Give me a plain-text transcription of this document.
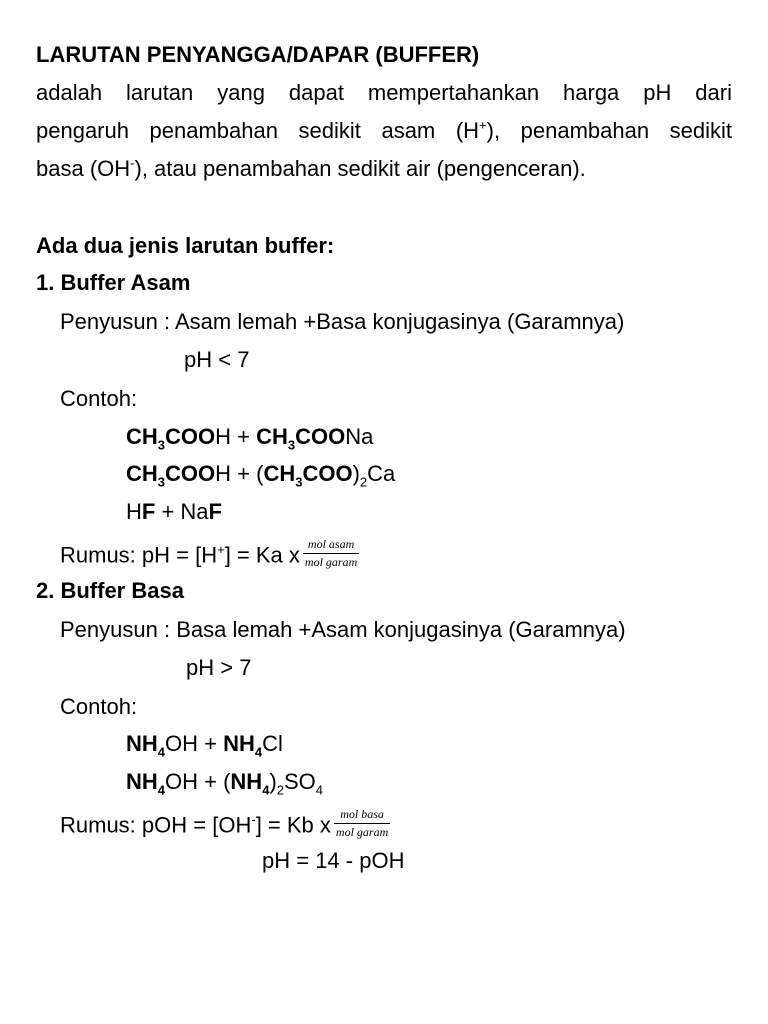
LARUTAN PENYANGGA/DAPAR (BUFFER)
adalah larutan yang dapat mempertahankan harga pH dari
pengaruh penambahan sedikit asam (H+), penambahan sedikit
basa (OH-), atau penambahan sedikit air (pengenceran).
Ada dua jenis larutan buffer:
1. Buffer Asam
Penyusun : Asam lemah +Basa konjugasinya (Garamnya)
pH < 7
Contoh:
$CH_3COOH$ + $CH_3COONa$
$CH_3COOH + (CH_3COO)_2Ca$
HF + NaF
Rumus: pH = [H+] = Ka x $\frac{\text{mol asam}}{\text{mol garam}}$
2. Buffer Basa
Penyusun : Basa lemah +Asam konjugasinya (Garamnya)
pH > 7
Contoh:
$NH_4OH + NH_4Cl$
$NH_4OH + (NH_4)_2SO_4$
Rumus: pOH = [OH-] = Kb x $\frac{\text{mol basa}}{\text{mol garam}}$
pH = 14 - pOH
